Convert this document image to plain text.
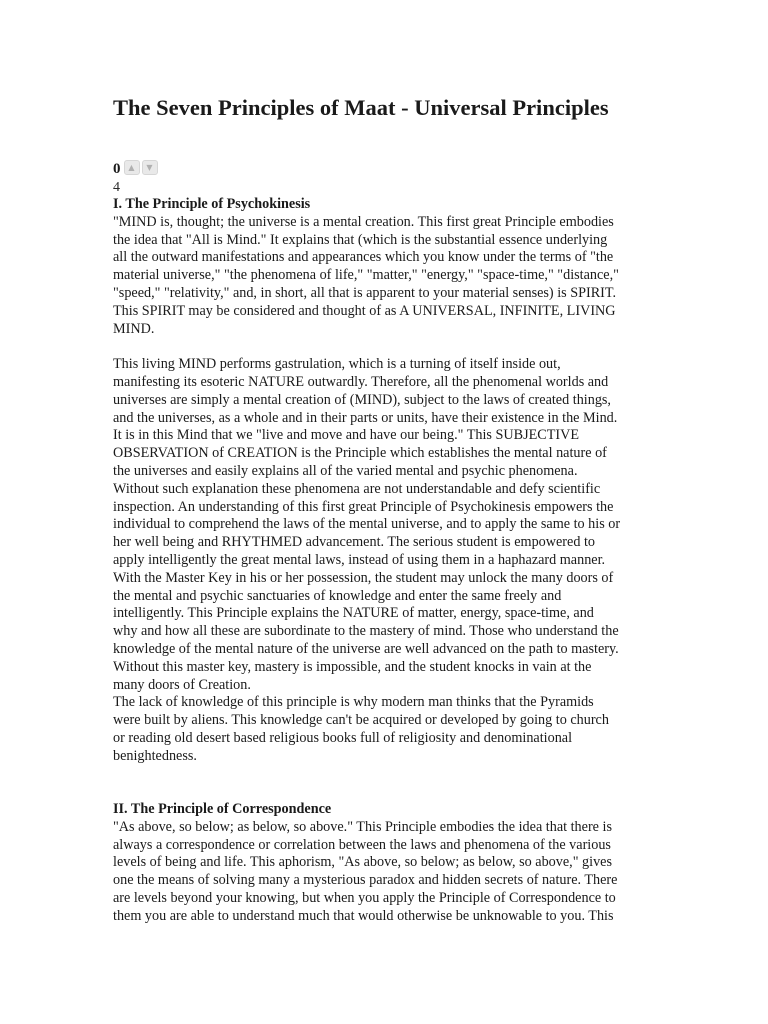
The Seven Principles of Maat - Universal Principles
0 ▲	▼
4
I. The Principle of Psychokinesis
"MIND is, thought; the universe is a mental creation. This first great Principle embodies
the idea that "All is Mind." It explains that (which is the substantial essence underlying
all the outward manifestations and appearances which you know under the terms of "the
material universe," "the phenomena of life," "matter," "energy," "space-time," "distance,"
"speed," "relativity," and, in short, all that is apparent to your material senses) is SPIRIT.
This SPIRIT may be considered and thought of as A UNIVERSAL, INFINITE, LIVING
MIND.
This living MIND performs gastrulation, which is a turning of itself inside out,
manifesting its esoteric NATURE outwardly. Therefore, all the phenomenal worlds and
universes are simply a mental creation of (MIND), subject to the laws of created things,
and the universes, as a whole and in their parts or units, have their existence in the Mind.
It is in this Mind that we "live and move and have our being." This SUBJECTIVE
OBSERVATION of CREATION is the Principle which establishes the mental nature of
the universes and easily explains all of the varied mental and psychic phenomena.
Without such explanation these phenomena are not understandable and defy scientific
inspection. An understanding of this first great Principle of Psychokinesis empowers the
individual to comprehend the laws of the mental universe, and to apply the same to his or
her well being and RHYTHMED advancement. The serious student is empowered to
apply intelligently the great mental laws, instead of using them in a haphazard manner.
With the Master Key in his or her possession, the student may unlock the many doors of
the mental and psychic sanctuaries of knowledge and enter the same freely and
intelligently. This Principle explains the NATURE of matter, energy, space-time, and
why and how all these are subordinate to the mastery of mind. Those who understand the
knowledge of the mental nature of the universe are well advanced on the path to mastery.
Without this master key, mastery is impossible, and the student knocks in vain at the
many doors of Creation.
The lack of knowledge of this principle is why modern man thinks that the Pyramids
were built by aliens. This knowledge can't be acquired or developed by going to church
or reading old desert based religious books full of religiosity and denominational
benightedness.
II. The Principle of Correspondence
"As above, so below; as below, so above." This Principle embodies the idea that there is
always a correspondence or correlation between the laws and phenomena of the various
levels of being and life. This aphorism, "As above, so below; as below, so above," gives
one the means of solving many a mysterious paradox and hidden secrets of nature. There
are levels beyond your knowing, but when you apply the Principle of Correspondence to
them you are able to understand much that would otherwise be unknowable to you. This
